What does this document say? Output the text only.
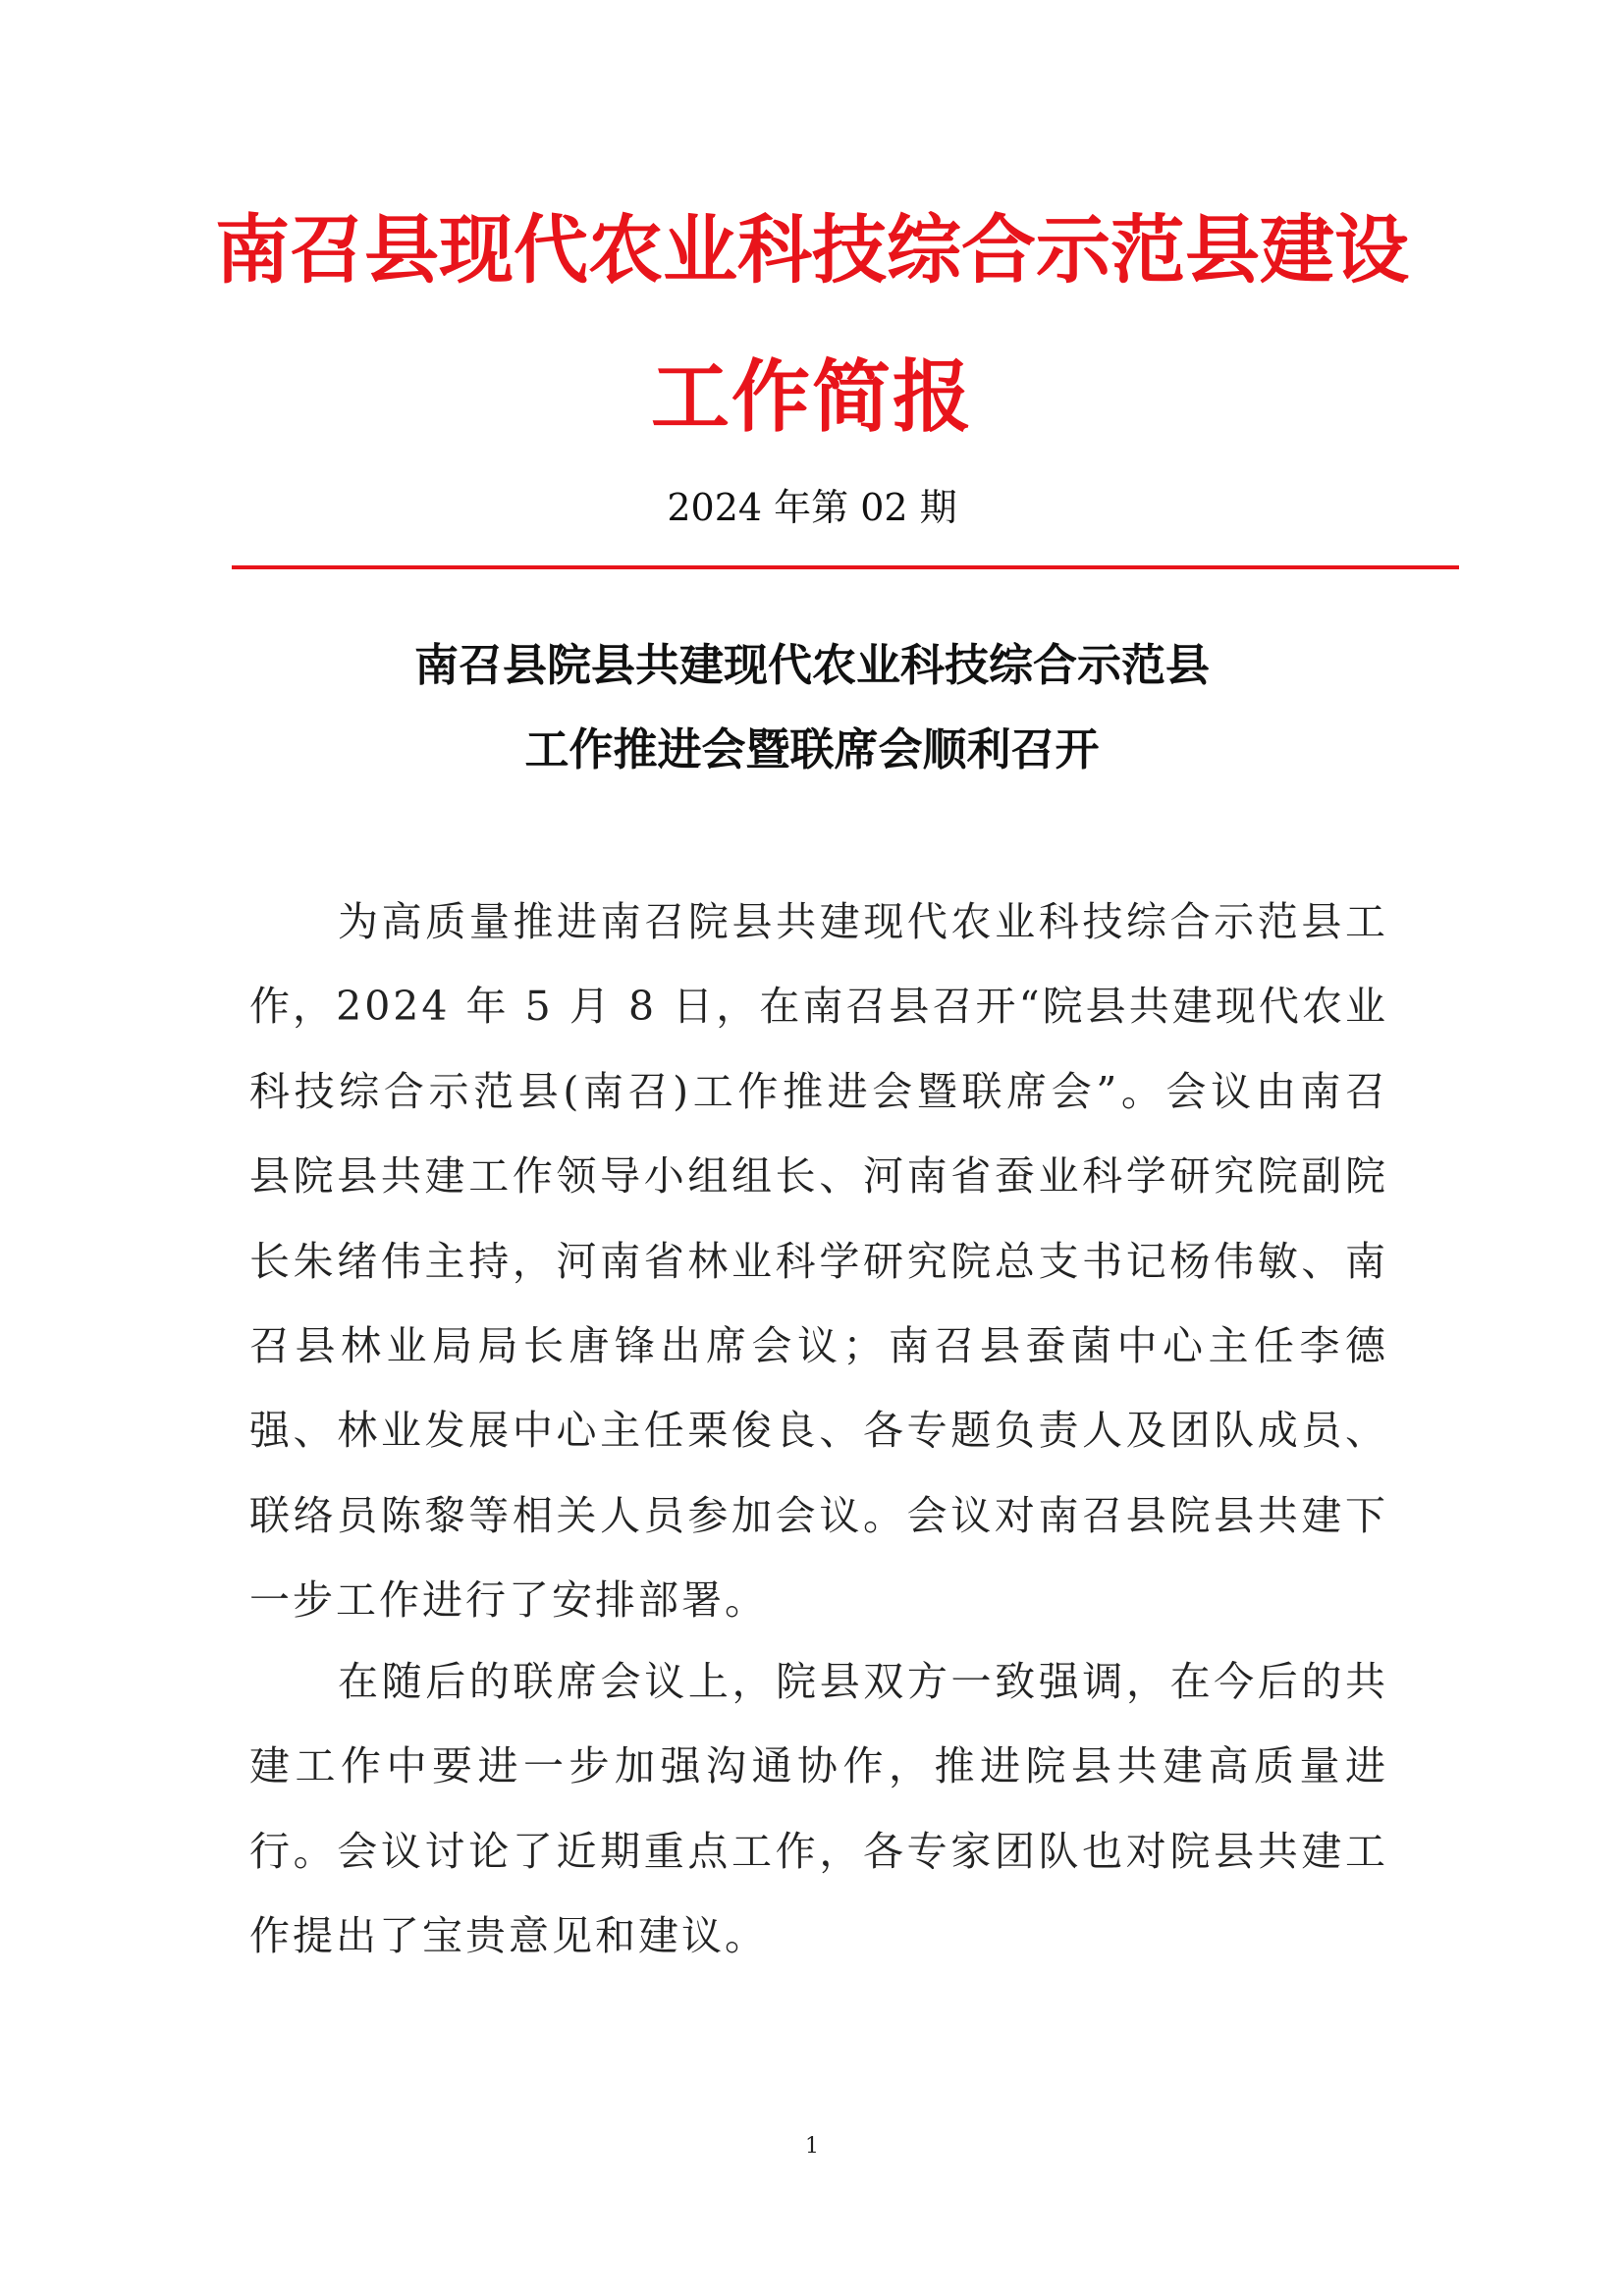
南召县现代农业科技综合示范县建设
工作简报
2024 年第 02 期
南召县院县共建现代农业科技综合示范县
工作推进会暨联席会顺利召开

为高质量推进南召院县共建现代农业科技综合示范县工作，2024 年 5 月 8 日，在南召县召开“院县共建现代农业科技综合示范县(南召)工作推进会暨联席会”。会议由南召县院县共建工作领导小组组长、河南省蚕业科学研究院副院长朱绪伟主持，河南省林业科学研究院总支书记杨伟敏、南召县林业局局长唐锋出席会议；南召县蚕菌中心主任李德强、林业发展中心主任栗俊良、各专题负责人及团队成员、联络员陈黎等相关人员参加会议。会议对南召县院县共建下一步工作进行了安排部署。

在随后的联席会议上，院县双方一致强调，在今后的共建工作中要进一步加强沟通协作，推进院县共建高质量进行。会议讨论了近期重点工作，各专家团队也对院县共建工作提出了宝贵意见和建议。

1
